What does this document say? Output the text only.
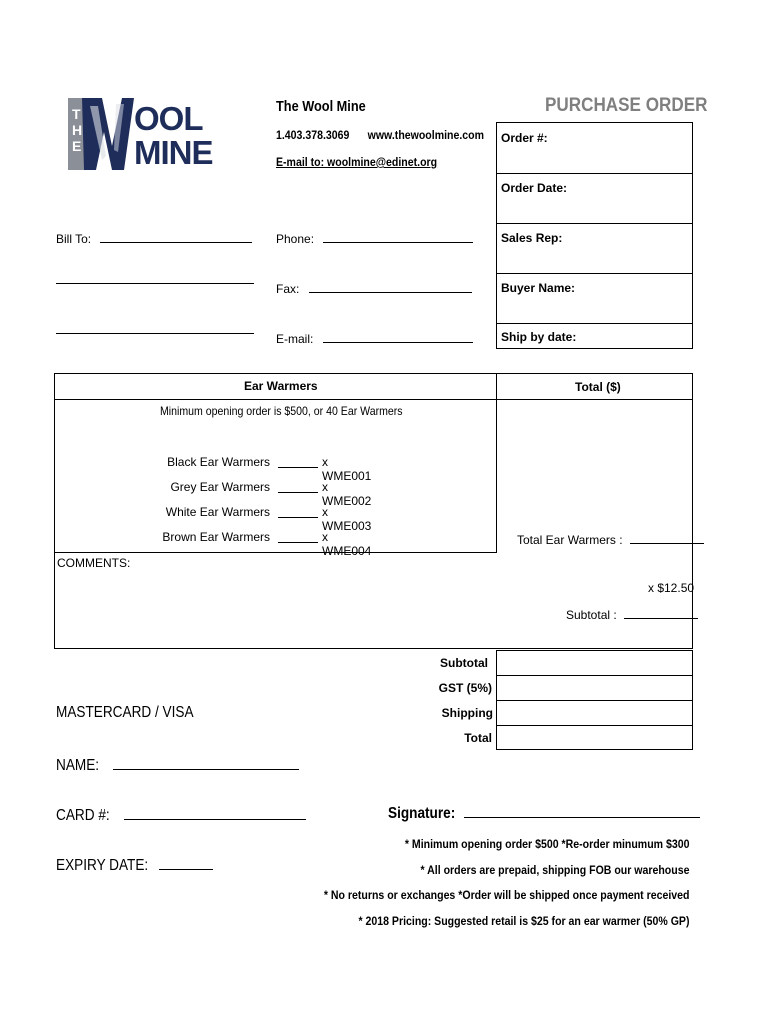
T
H
E
OOL
MINE
The Wool Mine
1.403.378.3069 www.thewoolmine.com
E-mail to: woolmine@edinet.org
PURCHASE ORDER
Order #:
Order Date:
Sales Rep:
Buyer Name:
Ship by date:
Bill To:	Phone:
Fax:
E-mail:
Ear Warmers	Total ($)
Minimum opening order is $500, or 40 Ear Warmers
Black Ear Warmers	x WME001
Grey Ear Warmers	x WME002
White Ear Warmers	x WME003
Brown Ear Warmers	x WME004
Total Ear Warmers :
COMMENTS:
x $12.50
Subtotal :
Subtotal
GST (5%)
Shipping
Total
MASTERCARD / VISA
NAME:
CARD #:
EXPIRY DATE:
Signature:
* Minimum opening order $500 *Re-order minumum $300
* All orders are prepaid, shipping FOB our warehouse
* No returns or exchanges *Order will be shipped once payment received
* 2018 Pricing: Suggested retail is $25 for an ear warmer (50% GP)
